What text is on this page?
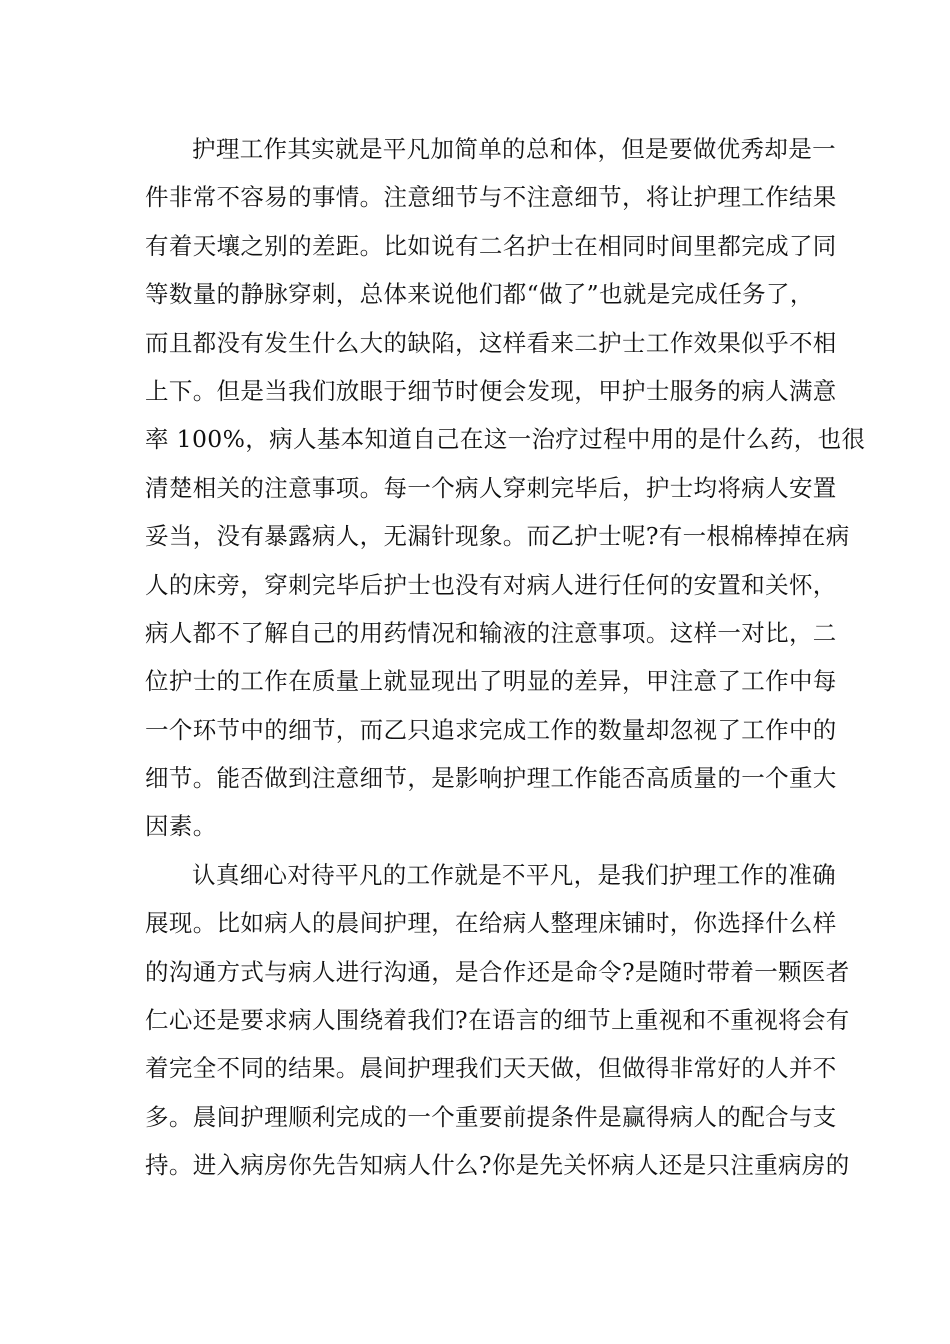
护理工作其实就是平凡加简单的总和体，但是要做优秀却是一
件非常不容易的事情。注意细节与不注意细节，将让护理工作结果
有着天壤之别的差距。比如说有二名护士在相同时间里都完成了同
等数量的静脉穿刺，总体来说他们都“做了”也就是完成任务了，
而且都没有发生什么大的缺陷，这样看来二护士工作效果似乎不相
上下。但是当我们放眼于细节时便会发现，甲护士服务的病人满意
率 100%，病人基本知道自己在这一治疗过程中用的是什么药，也很
清楚相关的注意事项。每一个病人穿刺完毕后，护士均将病人安置
妥当，没有暴露病人，无漏针现象。而乙护士呢?有一根棉棒掉在病
人的床旁，穿刺完毕后护士也没有对病人进行任何的安置和关怀，
病人都不了解自己的用药情况和输液的注意事项。这样一对比，二
位护士的工作在质量上就显现出了明显的差异，甲注意了工作中每
一个环节中的细节，而乙只追求完成工作的数量却忽视了工作中的
细节。能否做到注意细节，是影响护理工作能否高质量的一个重大
因素。
认真细心对待平凡的工作就是不平凡，是我们护理工作的准确
展现。比如病人的晨间护理，在给病人整理床铺时，你选择什么样
的沟通方式与病人进行沟通，是合作还是命令?是随时带着一颗医者
仁心还是要求病人围绕着我们?在语言的细节上重视和不重视将会有
着完全不同的结果。晨间护理我们天天做，但做得非常好的人并不
多。晨间护理顺利完成的一个重要前提条件是赢得病人的配合与支
持。进入病房你先告知病人什么?你是先关怀病人还是只注重病房的
